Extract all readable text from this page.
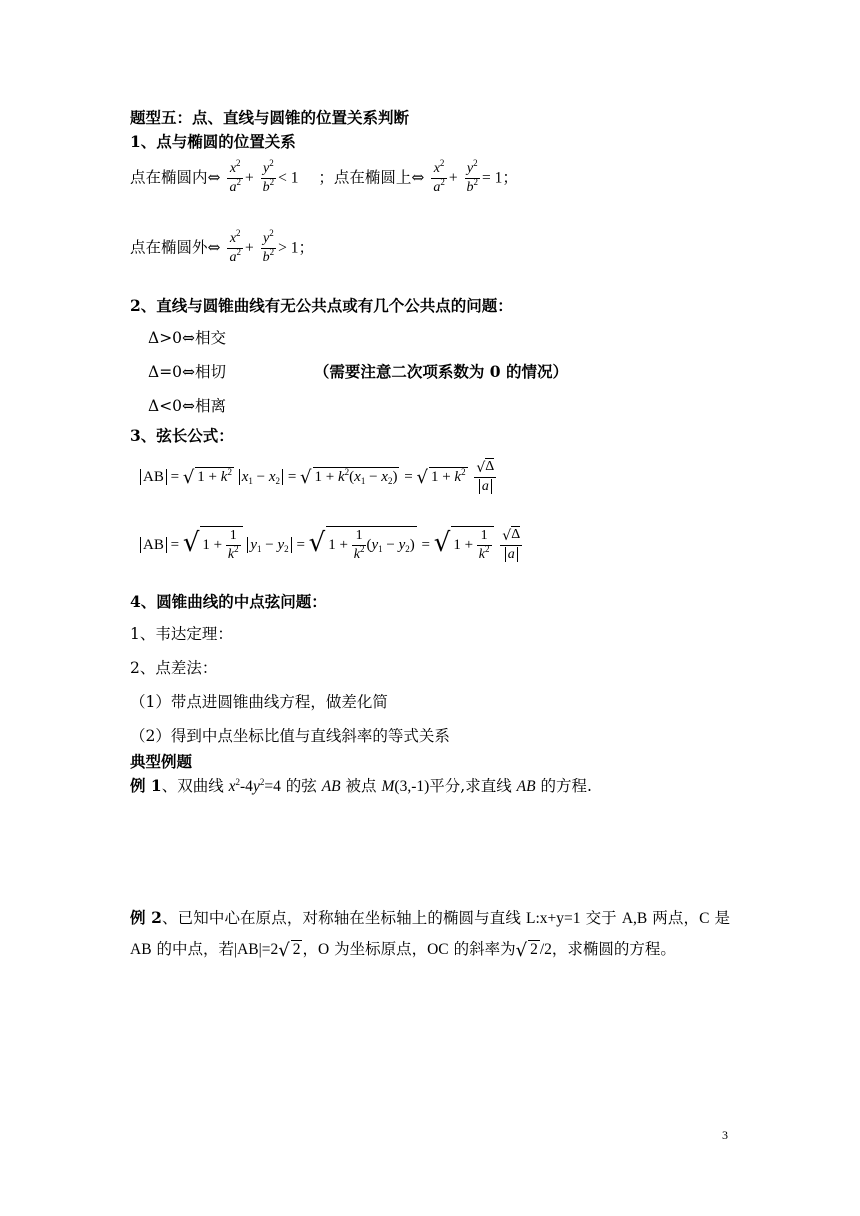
题型五：点、直线与圆锥的位置关系判断
1、点与椭圆的位置关系
点在椭圆内⇔ $\frac{x^2}{a^2} + \frac{y^2}{b^2} < 1$ ；点在椭圆上⇔ $\frac{x^2}{a^2} + \frac{y^2}{b^2} = 1$；
点在椭圆外⇔ $\frac{x^2}{a^2} + \frac{y^2}{b^2} > 1$；
2、直线与圆锥曲线有无公共点或有几个公共点的问题：
Δ>0⇔相交
Δ=0⇔相切	（需要注意二次项系数为 0 的情况）
Δ<0⇔相离
3、弦长公式：
AB = √ $1 + k^2$ $x_1 - x_2$ = √ $1 + k^2(x_1 - x_2)$ = √ $1 + k^2 \frac{√\Delta}{a}$
AB = √ $1 + \frac{1}{k^2} y_1 - y_2$ = √ $1 + \frac{1}{k^2} (y_1 - y_2)$ = √ $1 + \frac{1}{k^2}$
$\frac{√\Delta}{a}$
4、圆锥曲线的中点弦问题：
1、韦达定理：
2、点差法：
（1）带点进圆锥曲线方程，做差化简
（2）得到中点坐标比值与直线斜率的等式关系
典型例题
例 1、双曲线 $x^2-4y^2=4$ 的弦 AB 被点 M(3,-1)平分,求直线 AB 的方程.
例 2、已知中心在原点，对称轴在坐标轴上的椭圆与直线 L:x+y=1 交于 A,B 两点，C 是 AB 的中点，若|AB|=2√ 2 ，O 为坐标原点，OC 的斜率为√ 2 /2，求椭圆的方程。
3
